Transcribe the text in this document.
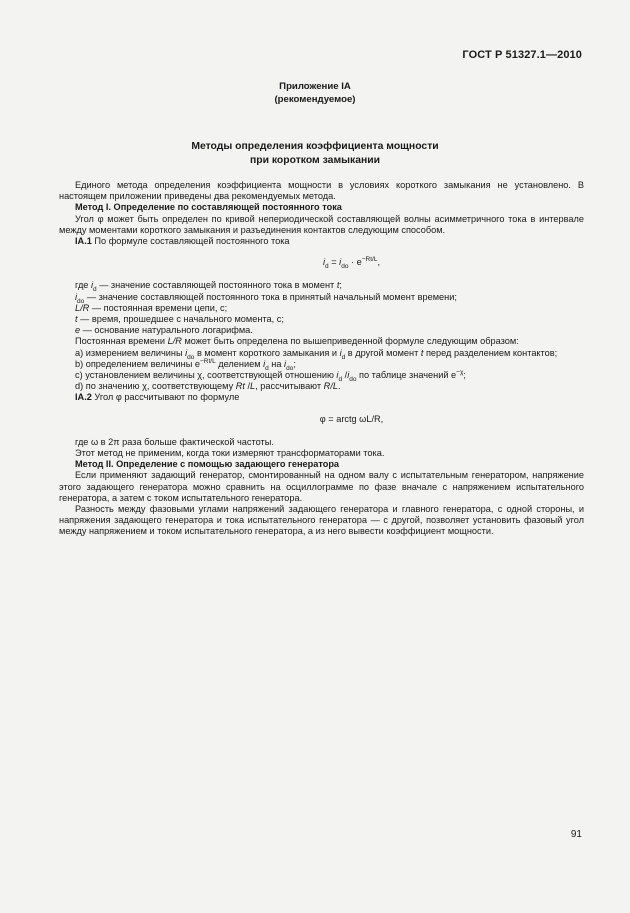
ГОСТ Р 51327.1—2010
Приложение IA
(рекомендуемое)
Методы определения коэффициента мощности
при коротком замыкании

Единого метода определения коэффициента мощности в условиях короткого замыкания не установлено. В настоящем приложении приведены два рекомендуемых метода.

Метод I. Определение по составляющей постоянного тока

Угол φ может быть определен по кривой непериодической составляющей волны асимметричного тока в интервале между моментами короткого замыкания и разъединения контактов следующим способом.

IA.1 По формуле составляющей постоянного тока

$i_d = i_{do} \cdot e^{-Rt/L}$,

где $i_d$ — значение составляющей постоянного тока в момент t;

$i_{do}$ — значение составляющей постоянного тока в принятый начальный момент времени;

L/R — постоянная времени цепи, с;

t — время, прошедшее с начального момента, с;

e — основание натурального логарифма.

Постоянная времени L/R может быть определена по вышеприведенной формуле следующим образом:

a) измерением величины $i_{do}$ в момент короткого замыкания и $i_d$ в другой момент t перед разделением контактов;

b) определением величины $e^{-Rt/L}$ делением $i_d$ на $i_{do}$;

c) установлением величины χ, соответствующей отношению $i_d$ $/i_{do}$ по таблице значений $e^{-\chi}$;

d) по значению χ, соответствующему Rt /L, рассчитывают R/L.

IA.2 Угол φ рассчитывают по формуле

φ = arctg ωL/R,

где ω в 2π раза больше фактической частоты.

Этот метод не применим, когда токи измеряют трансформаторами тока.

Метод II. Определение с помощью задающего генератора

Если применяют задающий генератор, смонтированный на одном валу с испытательным генератором, напряжение этого задающего генератора можно сравнить на осциллограмме по фазе вначале с напряжением испытательного генератора, а затем с током испытательного генератора.

Разность между фазовыми углами напряжений задающего генератора и главного генератора, с одной стороны, и напряжения задающего генератора и тока испытательного генератора — с другой, позволяет установить фазовый угол между напряжением и током испытательного генератора, а из него вывести коэффициент мощности.

91
